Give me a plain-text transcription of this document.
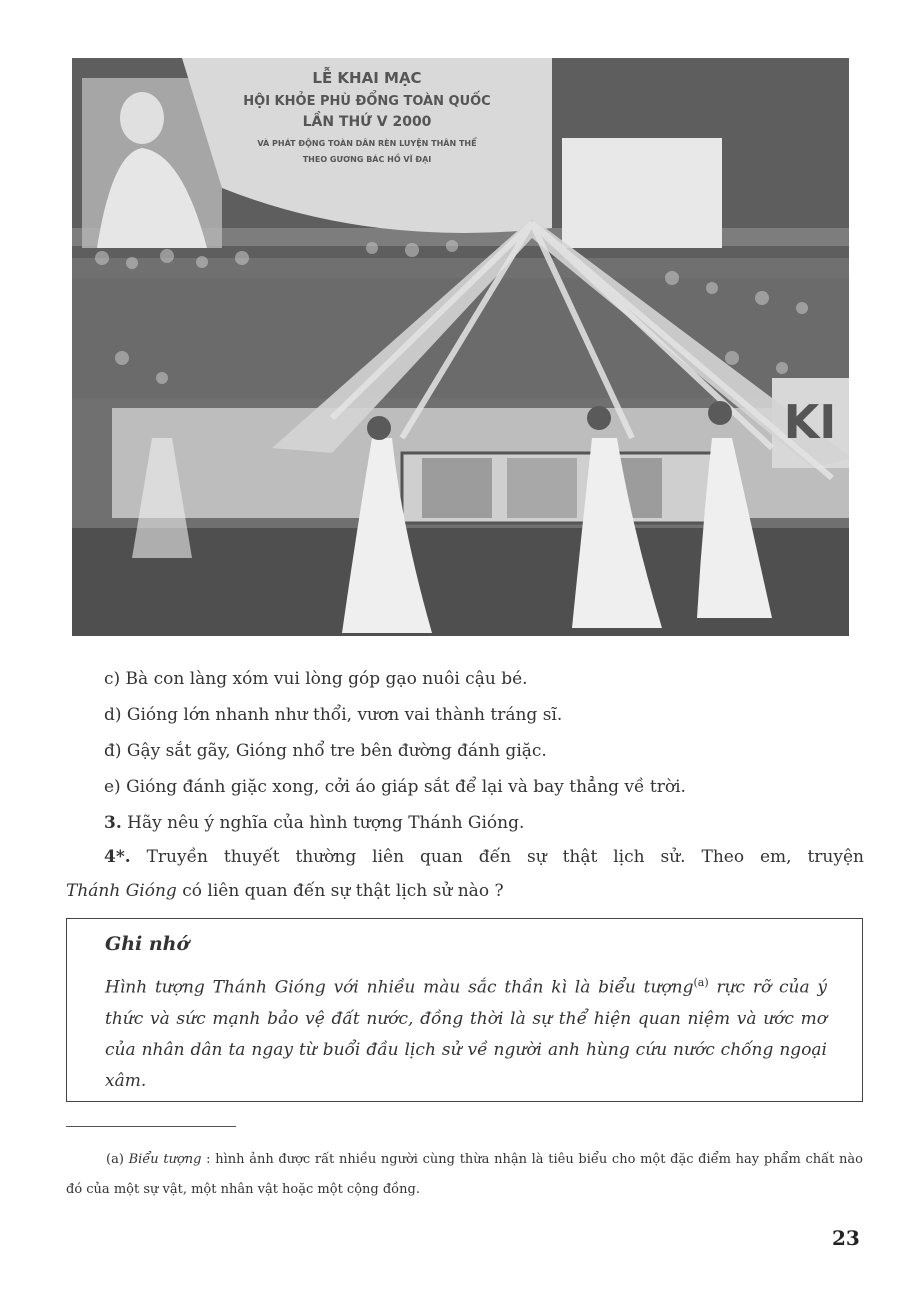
LỄ KHAI MẠC
HỘI KHỎE PHÙ ĐỔNG TOÀN QUỐC
LẦN THỨ V 2000
VÀ PHÁT ĐỘNG TOÀN DÂN RÈN LUYỆN THÂN THỂ
THEO GƯƠNG BÁC HỒ VĨ ĐẠI
KI
c) Bà con làng xóm vui lòng góp gạo nuôi cậu bé.
d) Gióng lớn nhanh như thổi, vươn vai thành tráng sĩ.
đ) Gậy sắt gãy, Gióng nhổ tre bên đường đánh giặc.
e) Gióng đánh giặc xong, cởi áo giáp sắt để lại và bay thẳng về trời.
3. Hãy nêu ý nghĩa của hình tượng Thánh Gióng.
4*. Truyền thuyết thường liên quan đến sự thật lịch sử. Theo em, truyện
Thánh Gióng có liên quan đến sự thật lịch sử nào ?
Ghi nhớ
Hình tượng Thánh Gióng với nhiều màu sắc thần kì là biểu tượng$^{(a)}$ rực rỡ của ý thức và sức mạnh bảo vệ đất nước, đồng thời là sự thể hiện quan niệm và ước mơ của nhân dân ta ngay từ buổi đầu lịch sử về người anh hùng cứu nước chống ngoại xâm.
(a) Biểu tượng : hình ảnh được rất nhiều người cùng thừa nhận là tiêu biểu cho một đặc điểm hay phẩm chất nào đó của một sự vật, một nhân vật hoặc một cộng đồng.
23
